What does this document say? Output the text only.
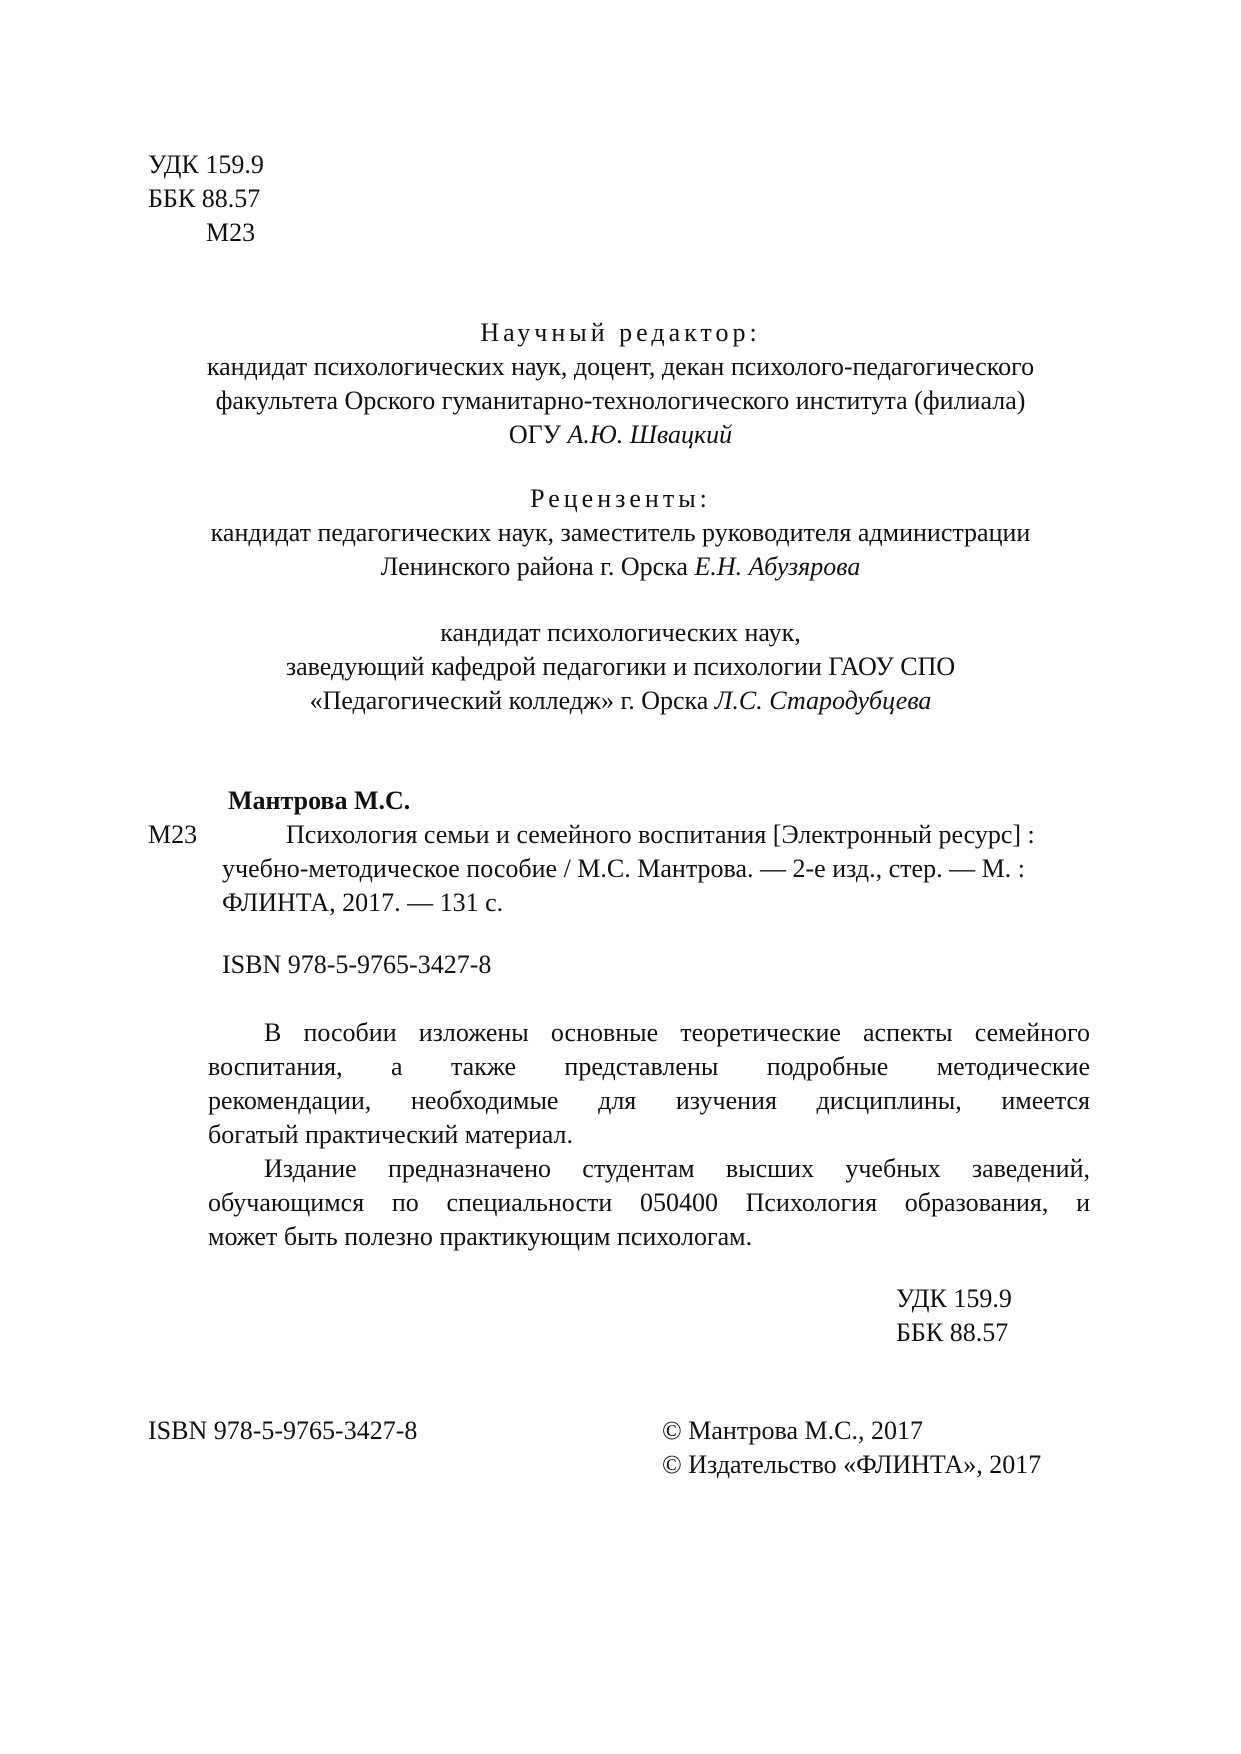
УДК 159.9
ББК 88.57
М23
Научный редактор:
кандидат психологических наук, доцент, декан психолого-педагогического
факультета Орского гуманитарно-технологического института (филиала)
ОГУ А.Ю. Швацкий
Рецензенты:
кандидат педагогических наук, заместитель руководителя администрации
Ленинского района г. Орска Е.Н. Абузярова
кандидат психологических наук,
заведующий кафедрой педагогики и психологии ГАОУ СПО
«Педагогический колледж» г. Орска Л.С. Стародубцева
Мантрова М.С.
М23	Психология семьи и семейного воспитания [Электронный ресурс] :
учебно-методическое пособие / М.С. Мантрова. — 2-е изд., стер. — М. :
ФЛИНТА, 2017. — 131 с.
ISBN 978-5-9765-3427-8
В пособии изложены основные теоретические аспекты семейного
воспитания, а также представлены подробные методические
рекомендации, необходимые для изучения дисциплины, имеется
богатый практический материал.
Издание предназначено студентам высших учебных заведений,
обучающимся по специальности 050400 Психология образования, и
может быть полезно практикующим психологам.
УДК 159.9
ББК 88.57
ISBN 978-5-9765-3427-8	© Мантрова М.С., 2017
© Издательство «ФЛИНТА», 2017
